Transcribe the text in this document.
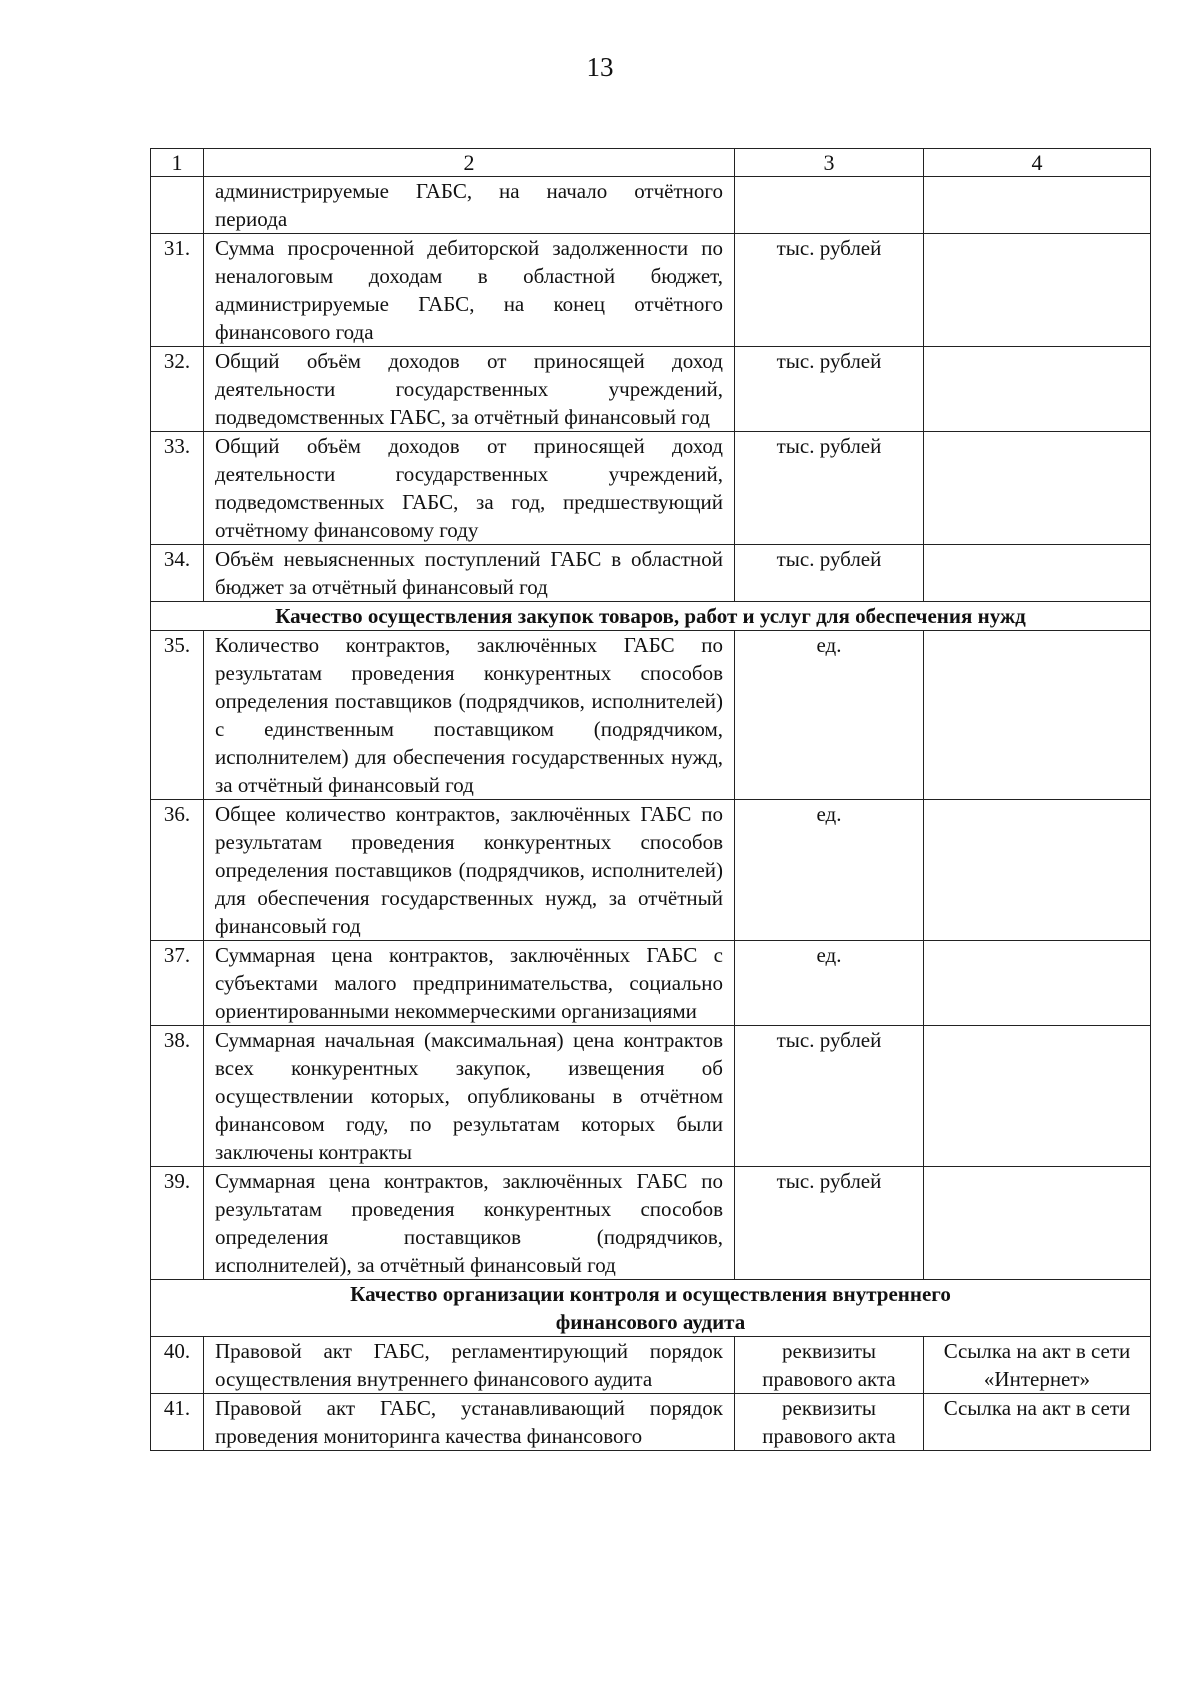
13
1	2	3	4

	администрируемые ГАБС, на начало отчётного
периода		

31.	Сумма просроченной дебиторской задолженности по неналоговым доходам в областной бюджет, администрируемые ГАБС, на конец отчётного финансового года	тыс. рублей	
32.	Общий объём доходов от приносящей доход деятельности государственных учреждений, подведомственных ГАБС, за отчётный финансовый год	тыс. рублей	
33.	Общий объём доходов от приносящей доход деятельности государственных учреждений, подведомственных ГАБС, за год, предшествующий отчётному финансовому году	тыс. рублей	
34.	Объём невыясненных поступлений ГАБС в областной бюджет за отчётный финансовый год	тыс. рублей	
Качество осуществления закупок товаров, работ и услуг для обеспечения нужд			
35.	Количество контрактов, заключённых ГАБС по результатам проведения конкурентных способов определения поставщиков (подрядчиков, исполнителей) с единственным поставщиком (подрядчиком, исполнителем) для обеспечения государственных нужд, за отчётный финансовый год	ед.	
36.	Общее количество контрактов, заключённых ГАБС по результатам проведения конкурентных способов определения поставщиков (подрядчиков, исполнителей) для обеспечения государственных нужд, за отчётный финансовый год	ед.	
37.	Суммарная цена контрактов, заключённых ГАБС с субъектами малого предпринимательства, социально ориентированными некоммерческими организациями	ед.	
38.	Суммарная начальная (максимальная) цена контрактов всех конкурентных закупок, извещения об осуществлении которых, опубликованы в отчётном финансовом году, по результатам которых были заключены контракты	тыс. рублей	
39.	Суммарная цена контрактов, заключённых ГАБС по результатам проведения конкурентных способов определения поставщиков (подрядчиков, исполнителей), за отчётный финансовый год	тыс. рублей	

Качество организации контроля и осуществления внутреннего
финансового аудита			

40.	Правовой акт ГАБС, регламентирующий порядок осуществления внутреннего финансового аудита	реквизиты правового акта	Ссылка на акт в сети «Интернет»
41.	Правовой акт ГАБС, устанавливающий порядок проведения мониторинга качества финансового	реквизиты правового акта	Ссылка на акт в сети
